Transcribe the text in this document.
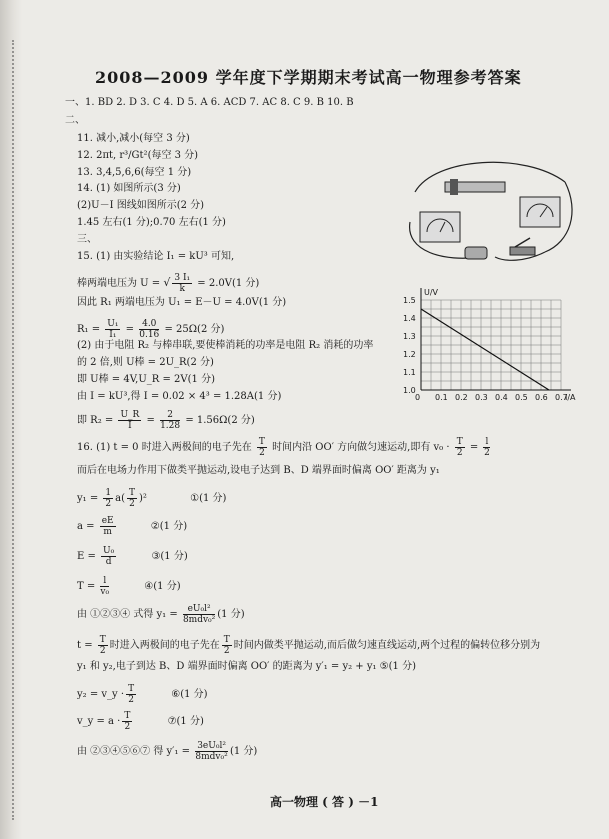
2008—2009 学年度下学期期末考试高一物理参考答案
一、1. BD 2. D 3. C 4. D 5. A 6. ACD 7. AC 8. C 9. B 10. B
二、
11. 减小,减小(每空 3 分)
12. 2πt, r³/Gt²(每空 3 分)
13. 3,4,5,6,6(每空 1 分)
14. (1) 如图所示(3 分)
(2)U－I 图线如图所示(2 分)
1.45 左右(1 分);0.70 左右(1 分)
三、
15. (1) 由实验结论 I₁ = kU³ 可知,
棒两端电压为 U = √ $\frac{\text{3 I₁}}{k} = 2.0V(1$ 分)
因此 R₁ 两端电压为 U₁ = E－U = 4.0V(1 分)
$R_1 = \frac{\text{U₁}}{\text{I₁}} = \frac{4.0}{0.16} = 25\Omega(2$ 分)
(2) 由于电阻 R₂ 与棒串联,要使棒消耗的功率是电阻 R₂ 消耗的功率
的 2 倍,则 U棒 = 2U_R(2 分)
即 U棒 = 4V,U_R = 2V(1 分)
由 I = kU³,得 I = 0.02 × 4³ = 1.28A(1 分)
即 $R_2 = \frac{U\_R}{I} = \frac{2}{1.28} = 1.56\Omega(2$ 分)
16. (1) t = 0 时进入两极间的电子先在 $\frac{T}{2}$ 时间内沿 OO′ 方向做匀速运动,即有 $v_0 \cdot \frac{T}{2} = \frac{l}{2}$
而后在电场力作用下做类平抛运动,设电子达到 B、D 端界面时偏离 OO′ 距离为 y₁
$y_1 = \frac{1}{2} a( \frac{T}{2} )^2$	①(1 分)
$a = \frac{eE}{m}$	②(1 分)
$E = \frac{\text{U₀}}{d}$	③(1 分)
$T = \frac{l}{\text{v₀}}$	④(1 分)
由 ①②③④ 式得 $y_1 = \frac{\text{eU₀l²}}{\text{8mdv₀²}} (1$ 分)
$t = \frac{T}{2}$ 时进入两极间的电子先在 $\frac{T}{2}$ 时间内做类平抛运动,而后做匀速直线运动,两个过程的偏转位移分别为
y₁ 和 y₂,电子到达 B、D 端界面时偏离 OO′ 的距离为 y′₁ = y₂ + y₁ ⑤(1 分)
y₂ = v_y · $\frac{T}{2}$	⑥(1 分)
v_y = $a \cdot \frac{T}{2}$	⑦(1 分)
由 ②③④⑤⑥⑦ 得 $y'_1 = \frac{\text{3eU₀l²}}{\text{8mdv₀²}} (1$ 分)
高一物理 ( 答 ) －1
U/V
I/A
1.0
1.1
1.2
1.3
1.4
1.5
0 0.1 0.2 0.3 0.4 0.5 0.6 0.7
